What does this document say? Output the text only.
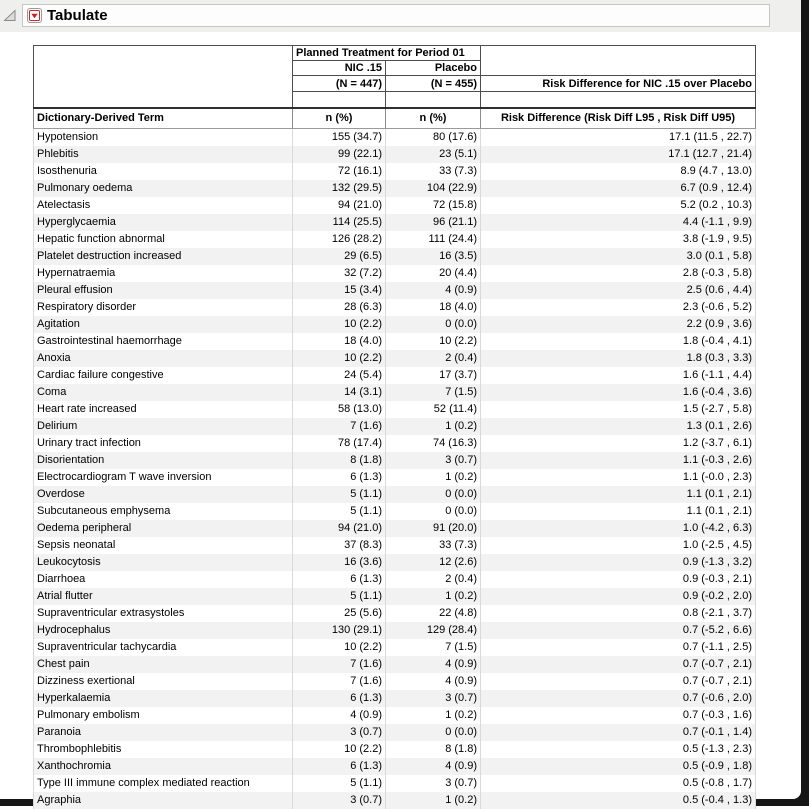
Tabulate
	Planned Treatment for Period 01		
	NIC .15	Placebo	
	(N = 447)	(N = 455)	Risk Difference for NIC .15 over Placebo

Dictionary-Derived Term	n (%)	n (%)	Risk Difference (Risk Diff L95 , Risk Diff U95)
Hypotension	155 (34.7)	80 (17.6)	17.1 (11.5 , 22.7)
Phlebitis	99 (22.1)	23 (5.1)	17.1 (12.7 , 21.4)
Isosthenuria	72 (16.1)	33 (7.3)	8.9 (4.7 , 13.0)
Pulmonary oedema	132 (29.5)	104 (22.9)	6.7 (0.9 , 12.4)
Atelectasis	94 (21.0)	72 (15.8)	5.2 (0.2 , 10.3)
Hyperglycaemia	114 (25.5)	96 (21.1)	4.4 (-1.1 , 9.9)
Hepatic function abnormal	126 (28.2)	111 (24.4)	3.8 (-1.9 , 9.5)
Platelet destruction increased	29 (6.5)	16 (3.5)	3.0 (0.1 , 5.8)
Hypernatraemia	32 (7.2)	20 (4.4)	2.8 (-0.3 , 5.8)
Pleural effusion	15 (3.4)	4 (0.9)	2.5 (0.6 , 4.4)
Respiratory disorder	28 (6.3)	18 (4.0)	2.3 (-0.6 , 5.2)
Agitation	10 (2.2)	0 (0.0)	2.2 (0.9 , 3.6)
Gastrointestinal haemorrhage	18 (4.0)	10 (2.2)	1.8 (-0.4 , 4.1)
Anoxia	10 (2.2)	2 (0.4)	1.8 (0.3 , 3.3)
Cardiac failure congestive	24 (5.4)	17 (3.7)	1.6 (-1.1 , 4.4)
Coma	14 (3.1)	7 (1.5)	1.6 (-0.4 , 3.6)
Heart rate increased	58 (13.0)	52 (11.4)	1.5 (-2.7 , 5.8)
Delirium	7 (1.6)	1 (0.2)	1.3 (0.1 , 2.6)
Urinary tract infection	78 (17.4)	74 (16.3)	1.2 (-3.7 , 6.1)
Disorientation	8 (1.8)	3 (0.7)	1.1 (-0.3 , 2.6)
Electrocardiogram T wave inversion	6 (1.3)	1 (0.2)	1.1 (-0.0 , 2.3)
Overdose	5 (1.1)	0 (0.0)	1.1 (0.1 , 2.1)
Subcutaneous emphysema	5 (1.1)	0 (0.0)	1.1 (0.1 , 2.1)
Oedema peripheral	94 (21.0)	91 (20.0)	1.0 (-4.2 , 6.3)
Sepsis neonatal	37 (8.3)	33 (7.3)	1.0 (-2.5 , 4.5)
Leukocytosis	16 (3.6)	12 (2.6)	0.9 (-1.3 , 3.2)
Diarrhoea	6 (1.3)	2 (0.4)	0.9 (-0.3 , 2.1)
Atrial flutter	5 (1.1)	1 (0.2)	0.9 (-0.2 , 2.0)
Supraventricular extrasystoles	25 (5.6)	22 (4.8)	0.8 (-2.1 , 3.7)
Hydrocephalus	130 (29.1)	129 (28.4)	0.7 (-5.2 , 6.6)
Supraventricular tachycardia	10 (2.2)	7 (1.5)	0.7 (-1.1 , 2.5)
Chest pain	7 (1.6)	4 (0.9)	0.7 (-0.7 , 2.1)
Dizziness exertional	7 (1.6)	4 (0.9)	0.7 (-0.7 , 2.1)
Hyperkalaemia	6 (1.3)	3 (0.7)	0.7 (-0.6 , 2.0)
Pulmonary embolism	4 (0.9)	1 (0.2)	0.7 (-0.3 , 1.6)
Paranoia	3 (0.7)	0 (0.0)	0.7 (-0.1 , 1.4)
Thrombophlebitis	10 (2.2)	8 (1.8)	0.5 (-1.3 , 2.3)
Xanthochromia	6 (1.3)	4 (0.9)	0.5 (-0.9 , 1.8)
Type III immune complex mediated reaction	5 (1.1)	3 (0.7)	0.5 (-0.8 , 1.7)
Agraphia	3 (0.7)	1 (0.2)	0.5 (-0.4 , 1.3)
